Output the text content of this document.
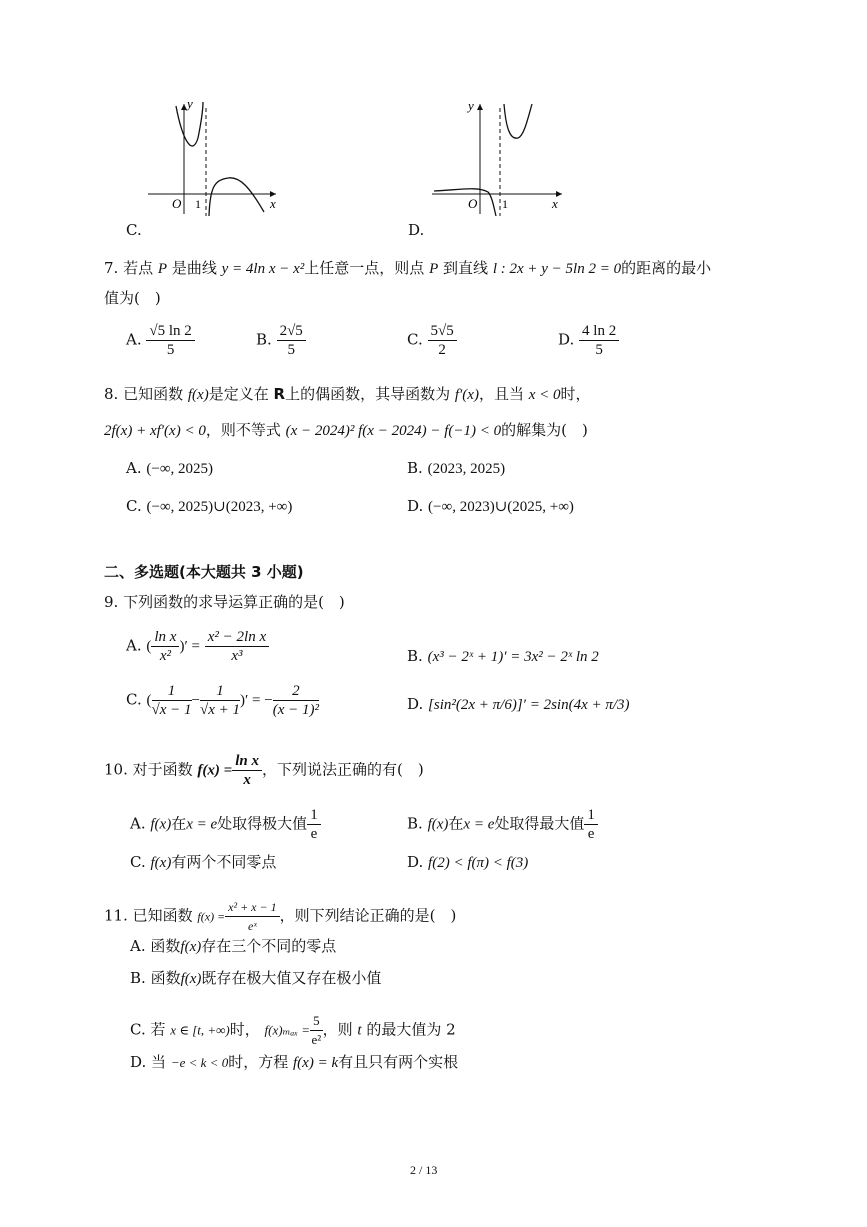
y
x
O 1
C.
y
x
O 1
D.
7. 若点 P 是曲线 y = 4ln x − x²上任意一点，则点 P 到直线 l : 2x + y − 5ln 2 = 0的距离的最小
值为(　)
A. $\frac{√5 \ln 2}{5}$	B. $\frac{2√5}{5}$	C. $\frac{5√5}{2}$	D. $\frac{4 \ln 2}{5}$
8. 已知函数 f(x)是定义在 R上的偶函数，其导函数为 f′(x)，且当 x < 0时，
2f(x) + xf′(x) < 0，则不等式 (x − 2024)² f(x − 2024) − f(−1) < 0的解集为(　)
A. (−∞, 2025)	B. (2023, 2025)
C. (−∞, 2025)∪(2023, +∞)	D. (−∞, 2023)∪(2025, +∞)
二、多选题(本大题共 3 小题)
9. 下列函数的求导运算正确的是(　)
A. ( $\frac{\text{ln x}}{\text{x²}}$ )′ = $\frac{\text{x² − 2ln x}}{\text{x³}}$	B. (x³ − 2ˣ + 1)′ = 3x² − 2ˣ ln 2
C. ( $\frac{1}{√x - 1} - \frac{1}{√x + 1}$ )′ = − $\frac{2}{\text{(x − 1)²}}$	D. [sin²(2x + π/6)]′ = 2sin(4x + π/3)
10. 对于函数 $f(x) = \frac{\text{ln x}}{x}$ ，下列说法正确的有(　)
A. f(x)在x = e处取得极大值 $\frac{1}{e}$	B. f(x)在x = e处取得最大值 $\frac{1}{e}$
C. f(x)有两个不同零点	D. f(2) < f(π) < f(3)
11. 已知函数 $f(x) = \frac{\text{x² + x − 1}}{\text{eˣ}}$ ，则下列结论正确的是(　)
A. 函数f(x)存在三个不同的零点
B. 函数f(x)既存在极大值又存在极小值
C. 若 x ∈ [t, +∞)时， $f(x)_{max} = \frac{5}{\text{e²}}$ ，则 t 的最大值为 2
D. 当 −e < k < 0时，方程 f(x) = k有且只有两个实根
2 / 13
